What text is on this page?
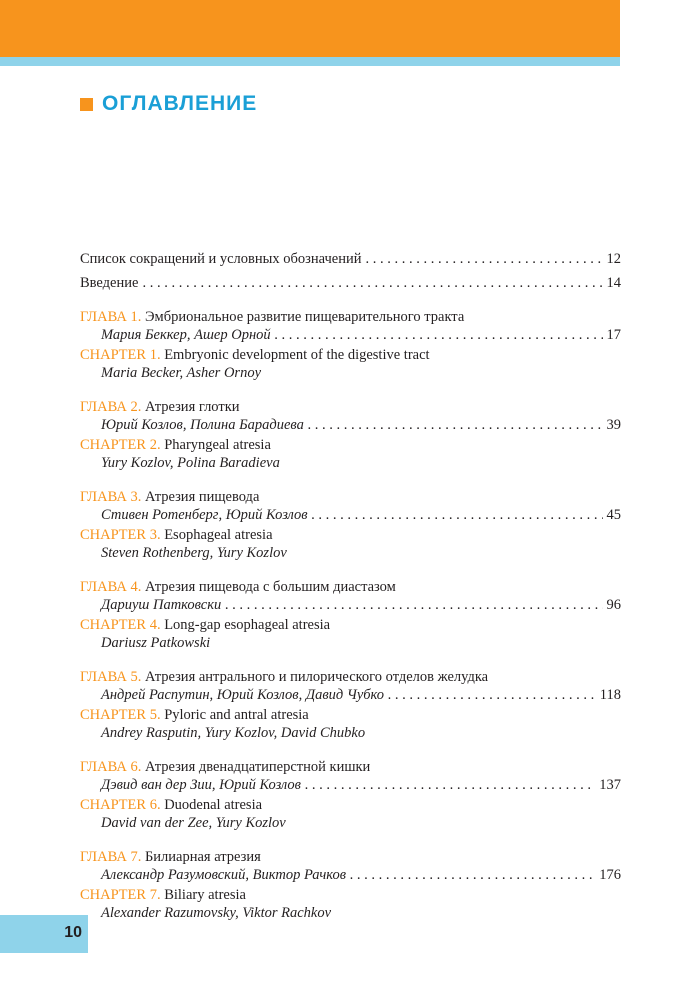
ОГЛАВЛЕНИЕ
Список сокращений и условных обозначений . . .	12
Введение . . .	14
ГЛАВА 1. Эмбриональное развитие пищеварительного тракта
Мария Беккер, Ашер Орной . . .	17
CHAPTER 1. Embryonic development of the digestive tract
Maria Becker, Asher Ornoy
ГЛАВА 2. Атрезия глотки
Юрий Козлов, Полина Барадиева . . .	39
CHAPTER 2. Pharyngeal atresia
Yury Kozlov, Polina Baradieva
ГЛАВА 3. Атрезия пищевода
Стивен Ротенберг, Юрий Козлов . . .	45
CHAPTER 3. Esophageal atresia
Steven Rothenberg, Yury Kozlov
ГЛАВА 4. Атрезия пищевода с большим диастазом
Дариуш Патковски . . .	96
CHAPTER 4. Long-gap esophageal atresia
Dariusz Patkowski
ГЛАВА 5. Атрезия антрального и пилорического отделов желудка
Андрей Распутин, Юрий Козлов, Давид Чубко . . .	118
CHAPTER 5. Pyloric and antral atresia
Andrey Rasputin, Yury Kozlov, David Chubko
ГЛАВА 6. Атрезия двенадцатиперстной кишки
Дэвид ван дер Зии, Юрий Козлов . . .	137
CHAPTER 6. Duodenal atresia
David van der Zee, Yury Kozlov
ГЛАВА 7. Билиарная атрезия
Александр Разумовский, Виктор Рачков . . .	176
CHAPTER 7. Biliary atresia
Alexander Razumovsky, Viktor Rachkov
10
